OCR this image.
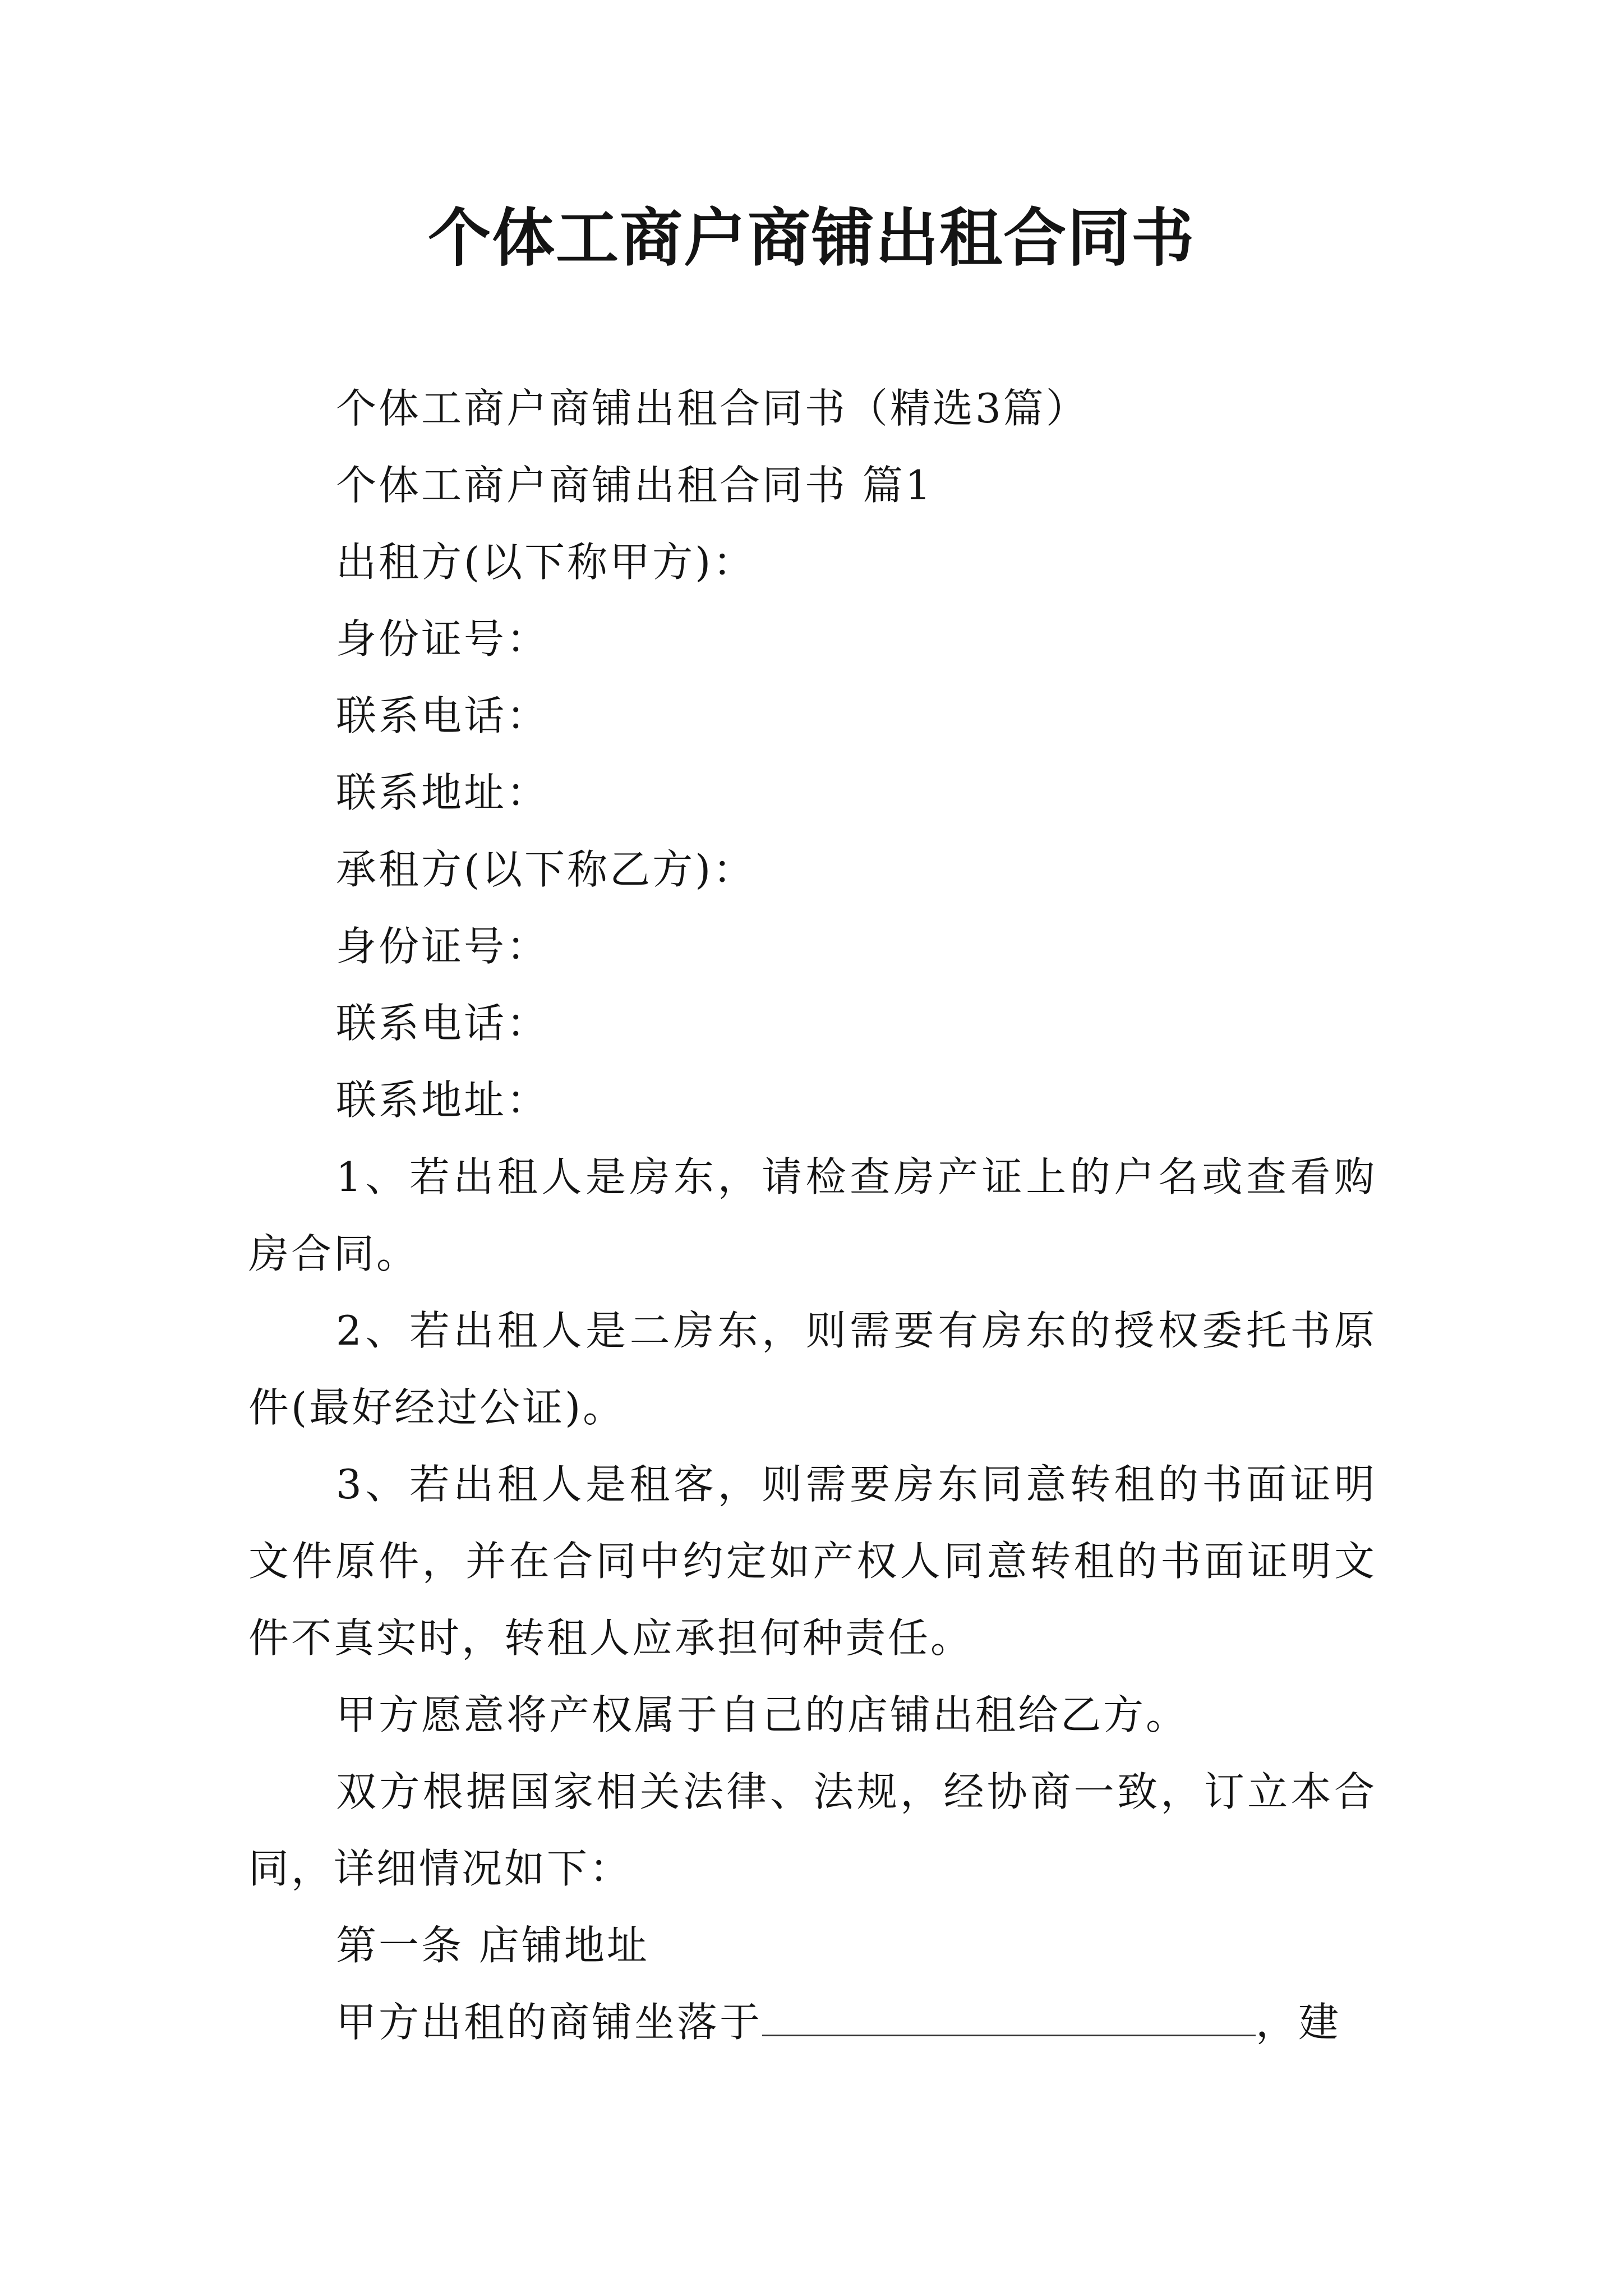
个体工商户商铺出租合同书

个体工商户商铺出租合同书（精选3篇）

个体工商户商铺出租合同书 篇1

出租方(以下称甲方)：

身份证号：

联系电话：

联系地址：

承租方(以下称乙方)：

身份证号：

联系电话：

联系地址：

1、若出租人是房东，请检查房产证上的户名或查看购房合同。

2、若出租人是二房东，则需要有房东的授权委托书原件(最好经过公证)。

3、若出租人是租客，则需要房东同意转租的书面证明文件原件，并在合同中约定如产权人同意转租的书面证明文件不真实时，转租人应承担何种责任。

甲方愿意将产权属于自己的店铺出租给乙方。

双方根据国家相关法律、法规，经协商一致，订立本合同，详细情况如下：

第一条 店铺地址

甲方出租的商铺坐落于	，建
